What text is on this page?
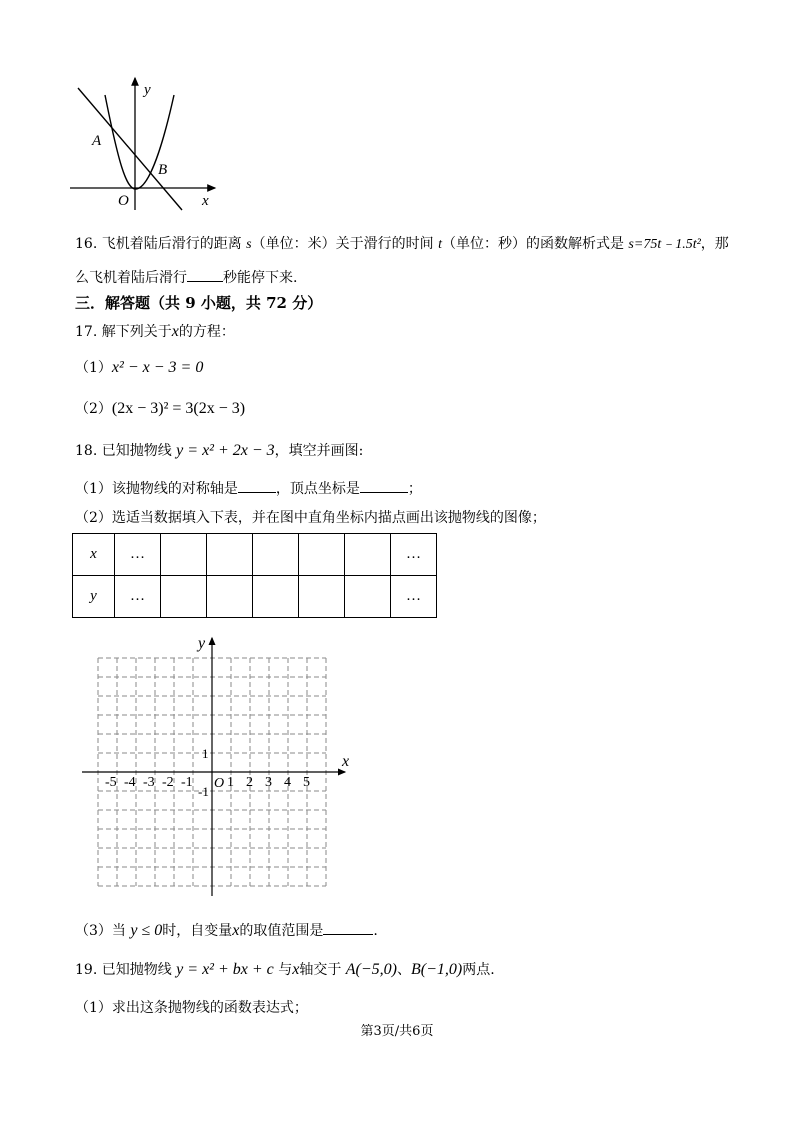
y
x
O
A
B
16. 飞机着陆后滑行的距离 s（单位：米）关于滑行的时间 t（单位：秒）的函数解析式是 s=75t﹣1.5t²，那
么飞机着陆后滑行	秒能停下来.
三．解答题（共 9 小题，共 72 分）
17. 解下列关于x的方程：
（1）x² − x − 3 = 0
（2）(2x − 3)² = 3(2x − 3)
18. 已知抛物线 y = x² + 2x − 3，填空并画图:
（1）该抛物线的对称轴是	，顶点坐标是	；
（2）选适当数据填入下表，并在图中直角坐标内描点画出该抛物线的图像；
x	…						…
y	…						…
x
y
O
-5 -4 -3 -2 -1 1 2 3 4 5
1
-1
（3）当 y ≤ 0时，自变量x的取值范围是	.
19. 已知抛物线 y = x² + bx + c 与x轴交于 A(−5,0)、B(−1,0)两点.
（1）求出这条抛物线的函数表达式；
第3页/共6页
